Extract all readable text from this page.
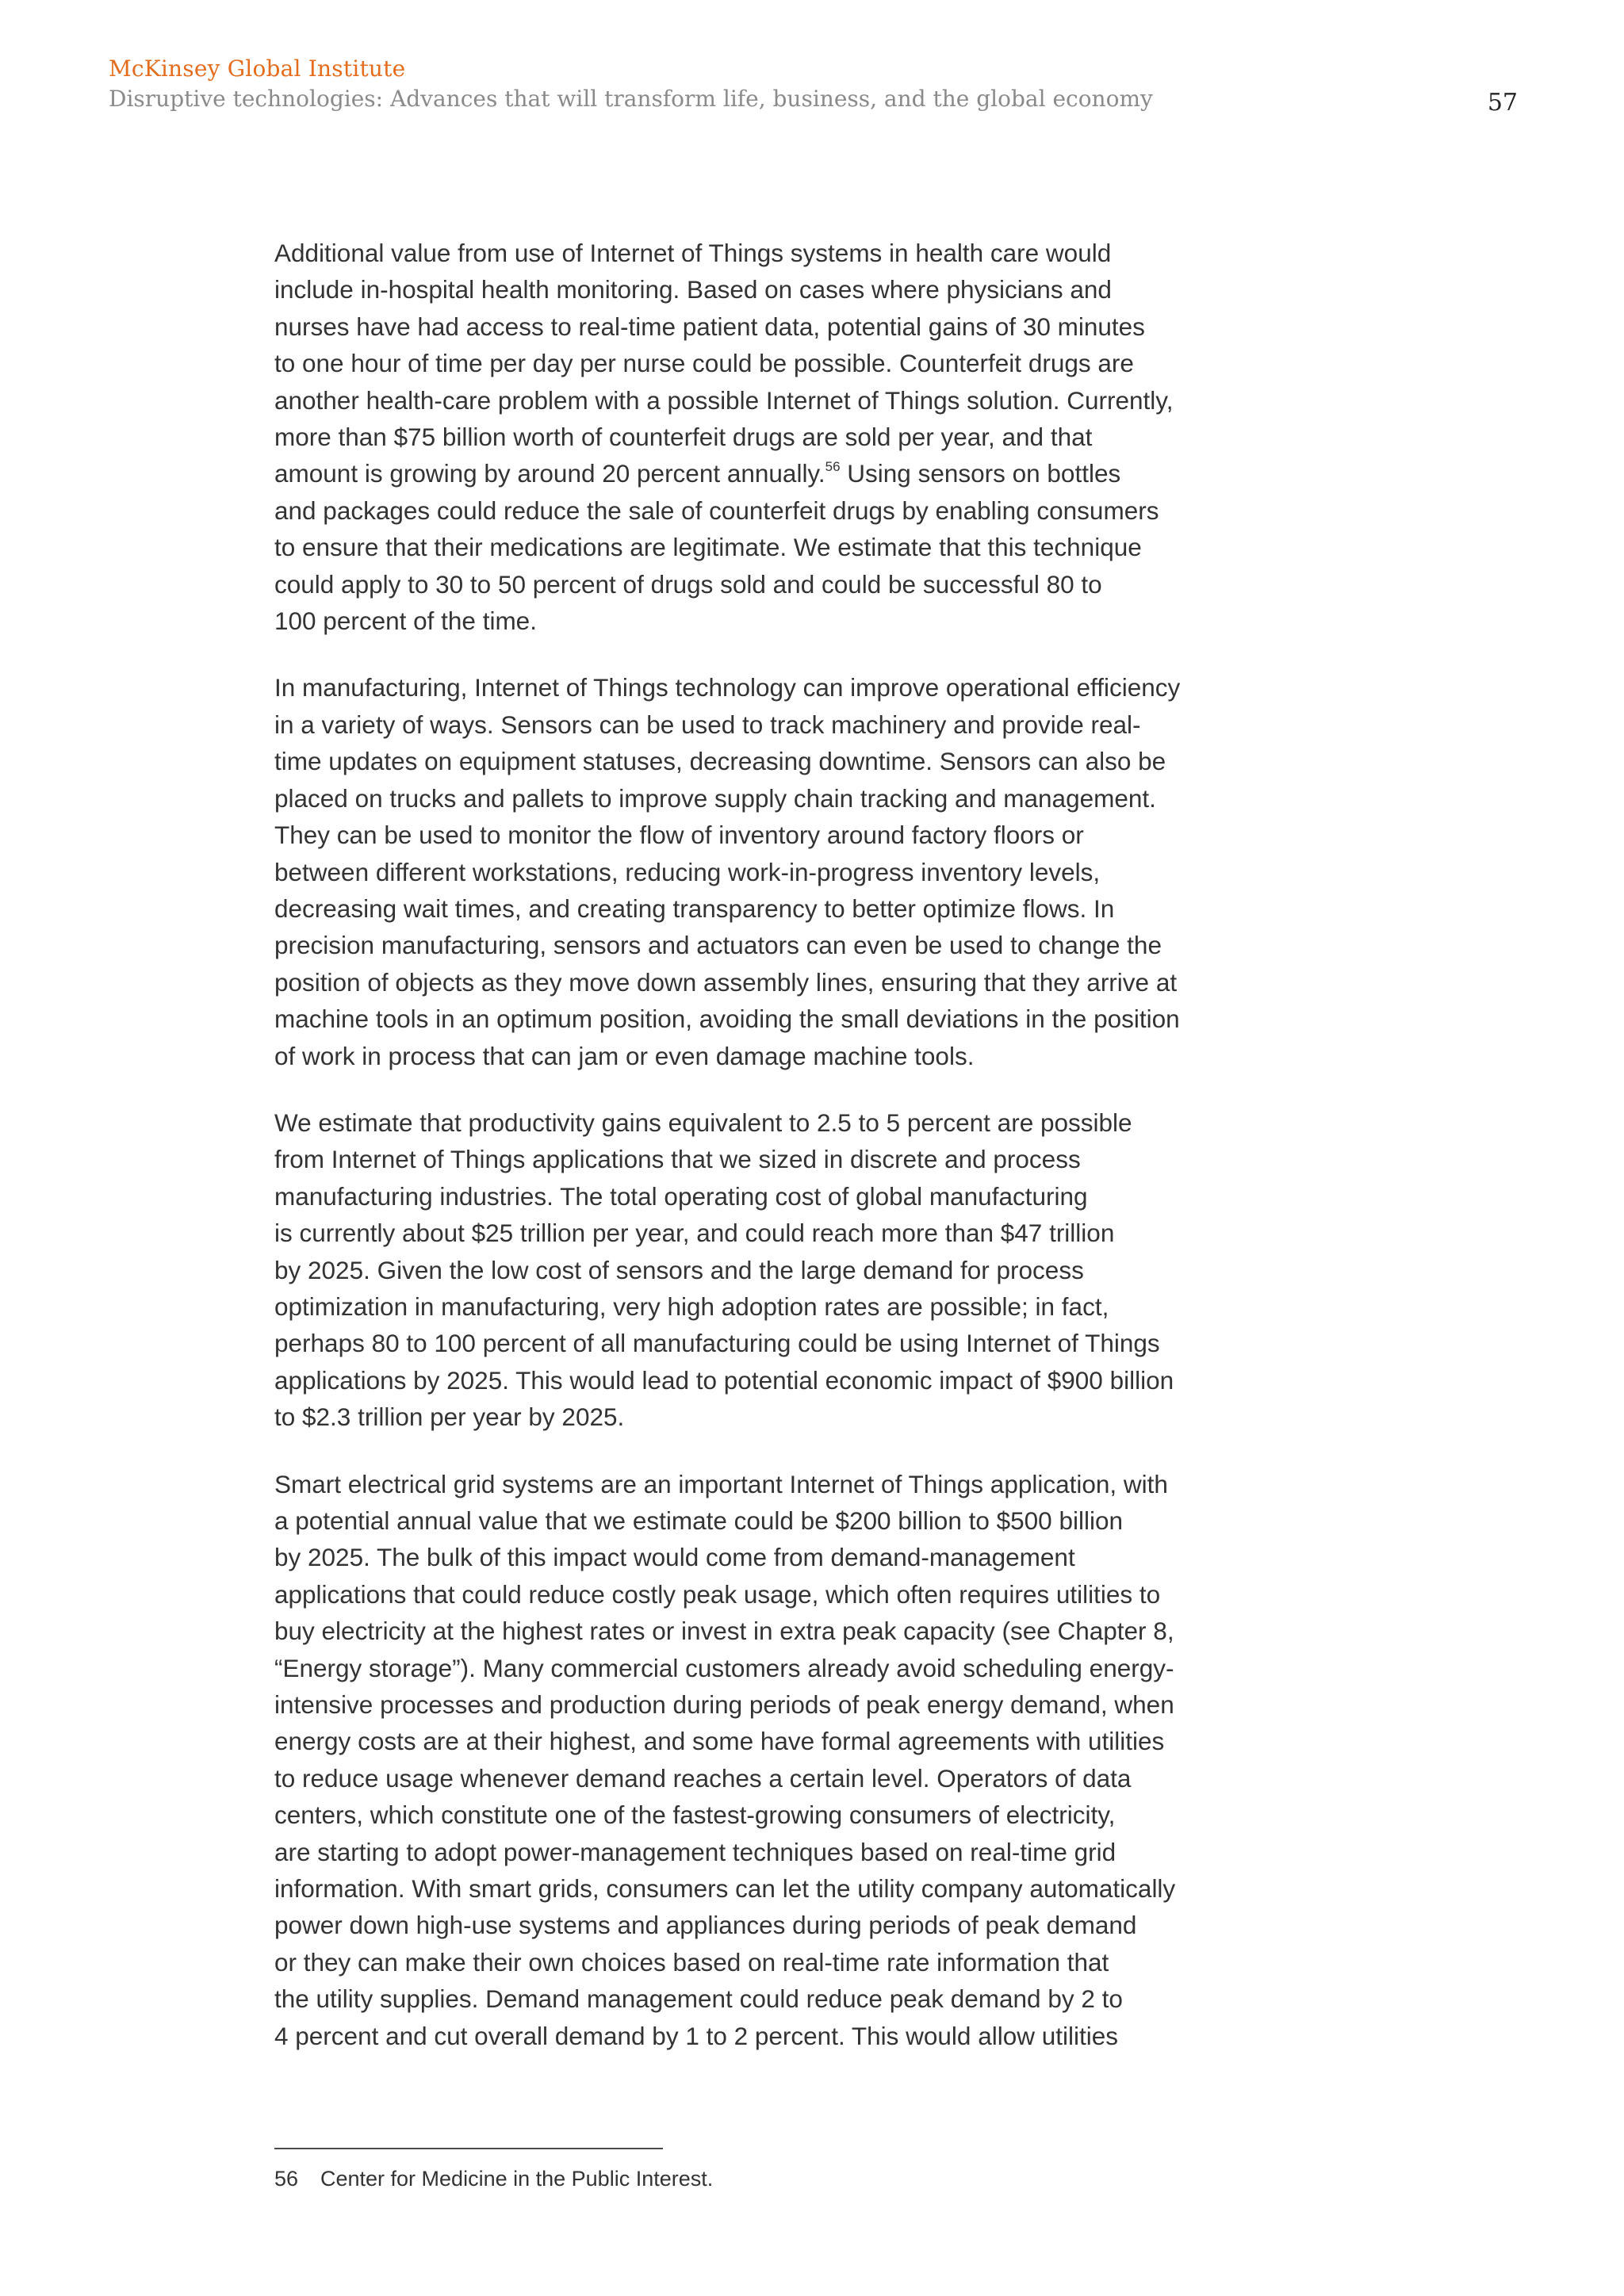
McKinsey Global Institute
Disruptive technologies: Advances that will transform life, business, and the global economy	57

Additional value from use of Internet of Things systems in health care would
include in-hospital health monitoring. Based on cases where physicians and
nurses have had access to real-time patient data, potential gains of 30 minutes
to one hour of time per day per nurse could be possible. Counterfeit drugs are
another health-care problem with a possible Internet of Things solution. Currently,
more than $75 billion worth of counterfeit drugs are sold per year, and that
amount is growing by around 20 percent annually.$^{56}$ Using sensors on bottles
and packages could reduce the sale of counterfeit drugs by enabling consumers
to ensure that their medications are legitimate. We estimate that this technique
could apply to 30 to 50 percent of drugs sold and could be successful 80 to
100 percent of the time.

In manufacturing, Internet of Things technology can improve operational efficiency
in a variety of ways. Sensors can be used to track machinery and provide real-
time updates on equipment statuses, decreasing downtime. Sensors can also be
placed on trucks and pallets to improve supply chain tracking and management.
They can be used to monitor the flow of inventory around factory floors or
between different workstations, reducing work-in-progress inventory levels,
decreasing wait times, and creating transparency to better optimize flows. In
precision manufacturing, sensors and actuators can even be used to change the
position of objects as they move down assembly lines, ensuring that they arrive at
machine tools in an optimum position, avoiding the small deviations in the position
of work in process that can jam or even damage machine tools.

We estimate that productivity gains equivalent to 2.5 to 5 percent are possible
from Internet of Things applications that we sized in discrete and process
manufacturing industries. The total operating cost of global manufacturing
is currently about $25 trillion per year, and could reach more than $47 trillion
by 2025. Given the low cost of sensors and the large demand for process
optimization in manufacturing, very high adoption rates are possible; in fact,
perhaps 80 to 100 percent of all manufacturing could be using Internet of Things
applications by 2025. This would lead to potential economic impact of $900 billion
to $2.3 trillion per year by 2025.

Smart electrical grid systems are an important Internet of Things application, with
a potential annual value that we estimate could be $200 billion to $500 billion
by 2025. The bulk of this impact would come from demand-management
applications that could reduce costly peak usage, which often requires utilities to
buy electricity at the highest rates or invest in extra peak capacity (see Chapter 8,
“Energy storage”). Many commercial customers already avoid scheduling energy-
intensive processes and production during periods of peak energy demand, when
energy costs are at their highest, and some have formal agreements with utilities
to reduce usage whenever demand reaches a certain level. Operators of data
centers, which constitute one of the fastest-growing consumers of electricity,
are starting to adopt power-management techniques based on real-time grid
information. With smart grids, consumers can let the utility company automatically
power down high-use systems and appliances during periods of peak demand
or they can make their own choices based on real-time rate information that
the utility supplies. Demand management could reduce peak demand by 2 to
4 percent and cut overall demand by 1 to 2 percent. This would allow utilities

56 Center for Medicine in the Public Interest.
